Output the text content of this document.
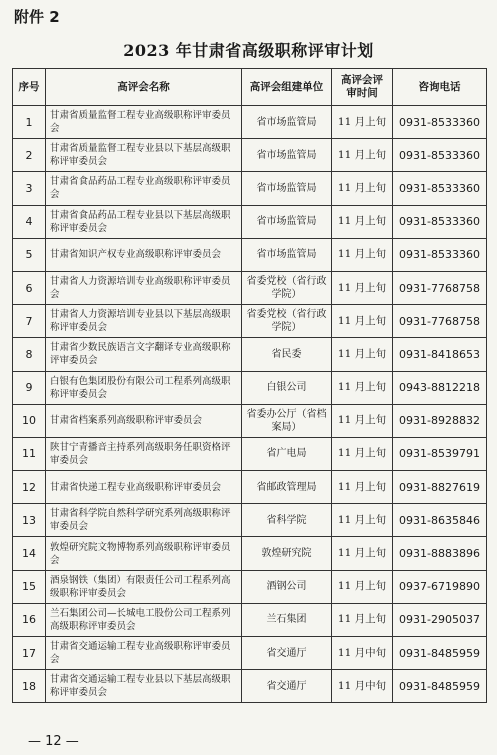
附件 2
2023 年甘肃省高级职称评审计划
序号	高评会名称	高评会组建单位	高评会评审时间	咨询电话
1	甘肃省质量监督工程专业高级职称评审委员会	省市场监管局	11 月上旬	0931-8533360
2	甘肃省质量监督工程专业县以下基层高级职称评审委员会	省市场监管局	11 月上旬	0931-8533360
3	甘肃省食品药品工程专业高级职称评审委员会	省市场监管局	11 月上旬	0931-8533360
4	甘肃省食品药品工程专业县以下基层高级职称评审委员会	省市场监管局	11 月上旬	0931-8533360
5	甘肃省知识产权专业高级职称评审委员会	省市场监管局	11 月上旬	0931-8533360
6	甘肃省人力资源培训专业高级职称评审委员会	省委党校（省行政学院）	11 月上旬	0931-7768758
7	甘肃省人力资源培训专业县以下基层高级职称评审委员会	省委党校（省行政学院）	11 月上旬	0931-7768758
8	甘肃省少数民族语言文字翻译专业高级职称评审委员会	省民委	11 月上旬	0931-8418653
9	白银有色集团股份有限公司工程系列高级职称评审委员会	白银公司	11 月上旬	0943-8812218
10	甘肃省档案系列高级职称评审委员会	省委办公厅（省档案局）	11 月上旬	0931-8928832
11	陕甘宁青播音主持系列高级职务任职资格评审委员会	省广电局	11 月上旬	0931-8539791
12	甘肃省快递工程专业高级职称评审委员会	省邮政管理局	11 月上旬	0931-8827619
13	甘肃省科学院自然科学研究系列高级职称评审委员会	省科学院	11 月上旬	0931-8635846
14	敦煌研究院文物博物系列高级职称评审委员会	敦煌研究院	11 月上旬	0931-8883896
15	酒泉钢铁（集团）有限责任公司工程系列高级职称评审委员会	酒钢公司	11 月上旬	0937-6719890
16	兰石集团公司—长城电工股份公司工程系列高级职称评审委员会	兰石集团	11 月上旬	0931-2905037
17	甘肃省交通运输工程专业高级职称评审委员会	省交通厅	11 月中旬	0931-8485959
18	甘肃省交通运输工程专业县以下基层高级职称评审委员会	省交通厅	11 月中旬	0931-8485959
— 12 —
